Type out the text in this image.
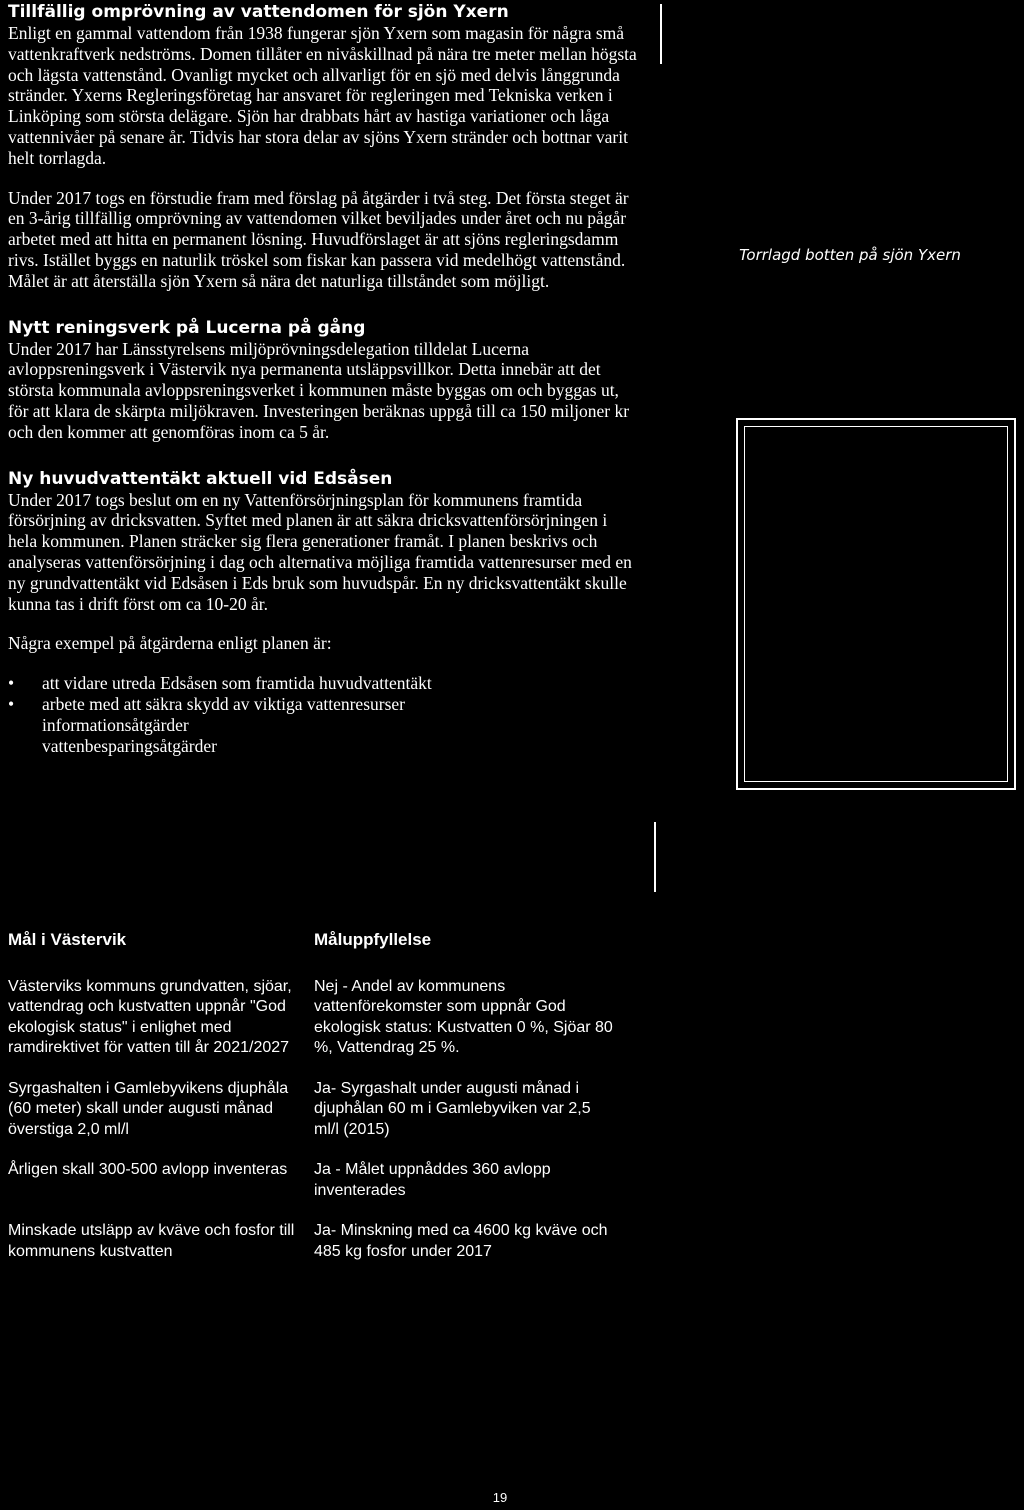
Tillfällig omprövning av vattendomen för sjön Yxern

Enligt en gammal vattendom från 1938 fungerar sjön Yxern som magasin för några små vattenkraftverk nedströms. Domen tillåter en nivåskillnad på nära tre meter mellan högsta och lägsta vattenstånd. Ovanligt mycket och allvarligt för en sjö med delvis långgrunda stränder. Yxerns Regleringsföretag har ansvaret för regleringen med Tekniska verken i Linköping som största delägare. Sjön har drabbats hårt av hastiga variationer och låga vattennivåer på senare år. Tidvis har stora delar av sjöns Yxern stränder och bottnar varit helt torrlagda.

Under 2017 togs en förstudie fram med förslag på åtgärder i två steg. Det första steget är en 3-årig tillfällig omprövning av vattendomen vilket beviljades under året och nu pågår arbetet med att hitta en permanent lösning. Huvudförslaget är att sjöns regleringsdamm rivs. Istället byggs en naturlik tröskel som fiskar kan passera vid medelhögt vattenstånd. Målet är att återställa sjön Yxern så nära det naturliga tillståndet som möjligt.

Nytt reningsverk på Lucerna på gång

Under 2017 har Länsstyrelsens miljöprövningsdelegation tilldelat Lucerna avloppsreningsverk i Västervik nya permanenta utsläppsvillkor. Detta innebär att det största kommunala avloppsreningsverket i kommunen måste byggas om och byggas ut, för att klara de skärpta miljökraven. Investeringen beräknas uppgå till ca 150 miljoner kr och den kommer att genomföras inom ca 5 år.

Ny huvudvattentäkt aktuell vid Edsåsen

Under 2017 togs beslut om en ny Vattenförsörjningsplan för kommunens framtida försörjning av dricksvatten. Syftet med planen är att säkra dricksvattenförsörjningen i hela kommunen. Planen sträcker sig flera generationer framåt. I planen beskrivs och analyseras vattenförsörjning i dag och alternativa möjliga framtida vattenresurser med en ny grundvattentäkt vid Edsåsen i Eds bruk som huvudspår. En ny dricksvattentäkt skulle kunna tas i drift först om ca 10-20 år.

Några exempel på åtgärderna enligt planen är:

• att vidare utreda Edsåsen som framtida huvudvattentäkt
• arbete med att säkra skydd av viktiga vattenresurser
informationsåtgärder
vattenbesparingsåtgärder
Torrlagd botten på sjön Yxern
Mål i Västervik	Måluppfyllelse
Västerviks kommuns grundvatten, sjöar, vattendrag och kustvatten uppnår "God ekologisk status" i enlighet med ramdirektivet för vatten till år 2021/2027
Nej - Andel av kommunens vattenförekomster som uppnår God ekologisk status: Kustvatten 0 %, Sjöar 80 %, Vattendrag 25 %.
Syrgashalten i Gamlebyvikens djuphåla (60 meter) skall under augusti månad överstiga 2,0 ml/l
Ja- Syrgashalt under augusti månad i djuphålan 60 m i Gamlebyviken var 2,5 ml/l (2015)
Årligen skall 300-500 avlopp inventeras	Ja - Målet uppnåddes 360 avlopp inventerades
Minskade utsläpp av kväve och fosfor till kommunens kustvatten
Ja- Minskning med ca 4600 kg kväve och 485 kg fosfor under 2017
19
